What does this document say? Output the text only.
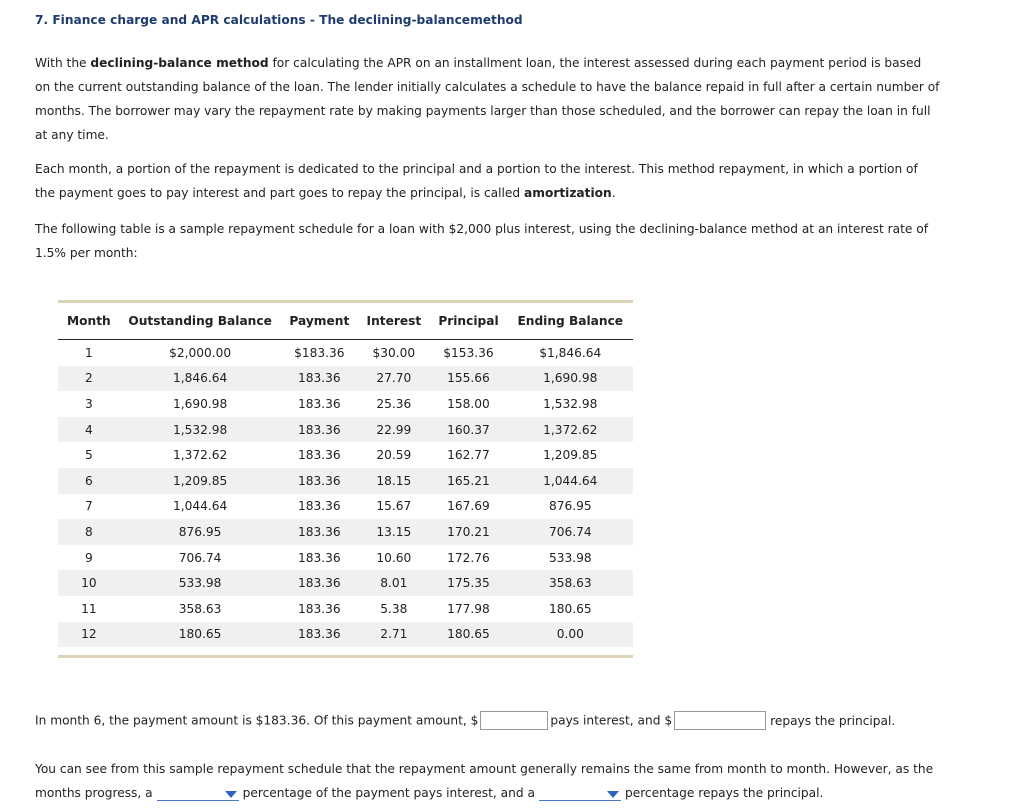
7. Finance charge and APR calculations - The declining-balancemethod

With the declining-balance method for calculating the APR on an installment loan, the interest assessed during each payment period is based on the current outstanding balance of the loan. The lender initially calculates a schedule to have the balance repaid in full after a certain number of months. The borrower may vary the repayment rate by making payments larger than those scheduled, and the borrower can repay the loan in full at any time.

Each month, a portion of the repayment is dedicated to the principal and a portion to the interest. This method repayment, in which a portion of the payment goes to pay interest and part goes to repay the principal, is called amortization.

The following table is a sample repayment schedule for a loan with $2,000 plus interest, using the declining-balance method at an interest rate of 1.5% per month:

Month	Outstanding Balance	Payment	Interest	Principal	Ending Balance
1	$2,000.00	$183.36	$30.00	$153.36	$1,846.64
2	1,846.64	183.36	27.70	155.66	1,690.98
3	1,690.98	183.36	25.36	158.00	1,532.98
4	1,532.98	183.36	22.99	160.37	1,372.62
5	1,372.62	183.36	20.59	162.77	1,209.85
6	1,209.85	183.36	18.15	165.21	1,044.64
7	1,044.64	183.36	15.67	167.69	876.95
8	876.95	183.36	13.15	170.21	706.74
9	706.74	183.36	10.60	172.76	533.98
10	533.98	183.36	8.01	175.35	358.63
11	358.63	183.36	5.38	177.98	180.65
12	180.65	183.36	2.71	180.65	0.00
In month 6, the payment amount is $183.36. Of this payment amount, $	pays interest, and $	repays the principal.
You can see from this sample repayment schedule that the repayment amount generally remains the same from month to month. However, as the months progress, a	percentage of the payment pays interest, and a	percentage repays the principal.
